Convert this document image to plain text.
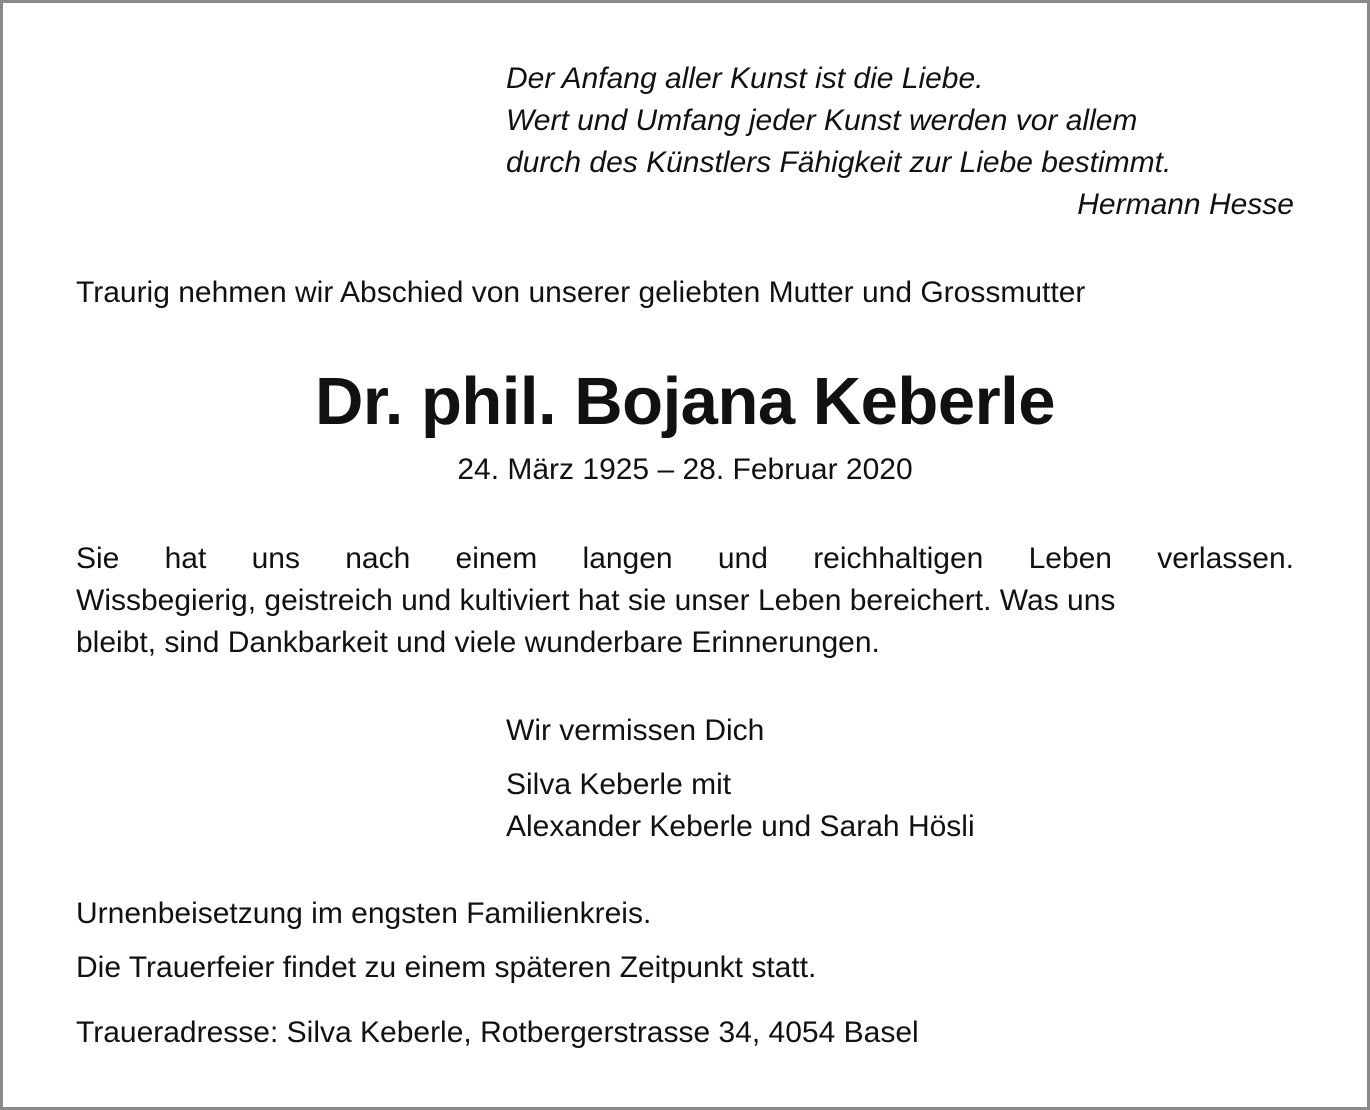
Der Anfang aller Kunst ist die Liebe.
Wert und Umfang jeder Kunst werden vor allem
durch des Künstlers Fähigkeit zur Liebe bestimmt.
Hermann Hesse

Traurig nehmen wir Abschied von unserer geliebten Mutter und Grossmutter

Dr. phil. Bojana Keberle
24. März 1925 – 28. Februar 2020
Sie hat uns nach einem langen und reichhaltigen Leben verlassen.
Wissbegierig, geistreich und kultiviert hat sie unser Leben bereichert. Was uns
bleibt, sind Dankbarkeit und viele wunderbare Erinnerungen.

Wir vermissen Dich

Silva Keberle mit

Alexander Keberle und Sarah Hösli

Urnenbeisetzung im engsten Familienkreis.

Die Trauerfeier findet zu einem späteren Zeitpunkt statt.

Traueradresse: Silva Keberle, Rotbergerstrasse 34, 4054 Basel
